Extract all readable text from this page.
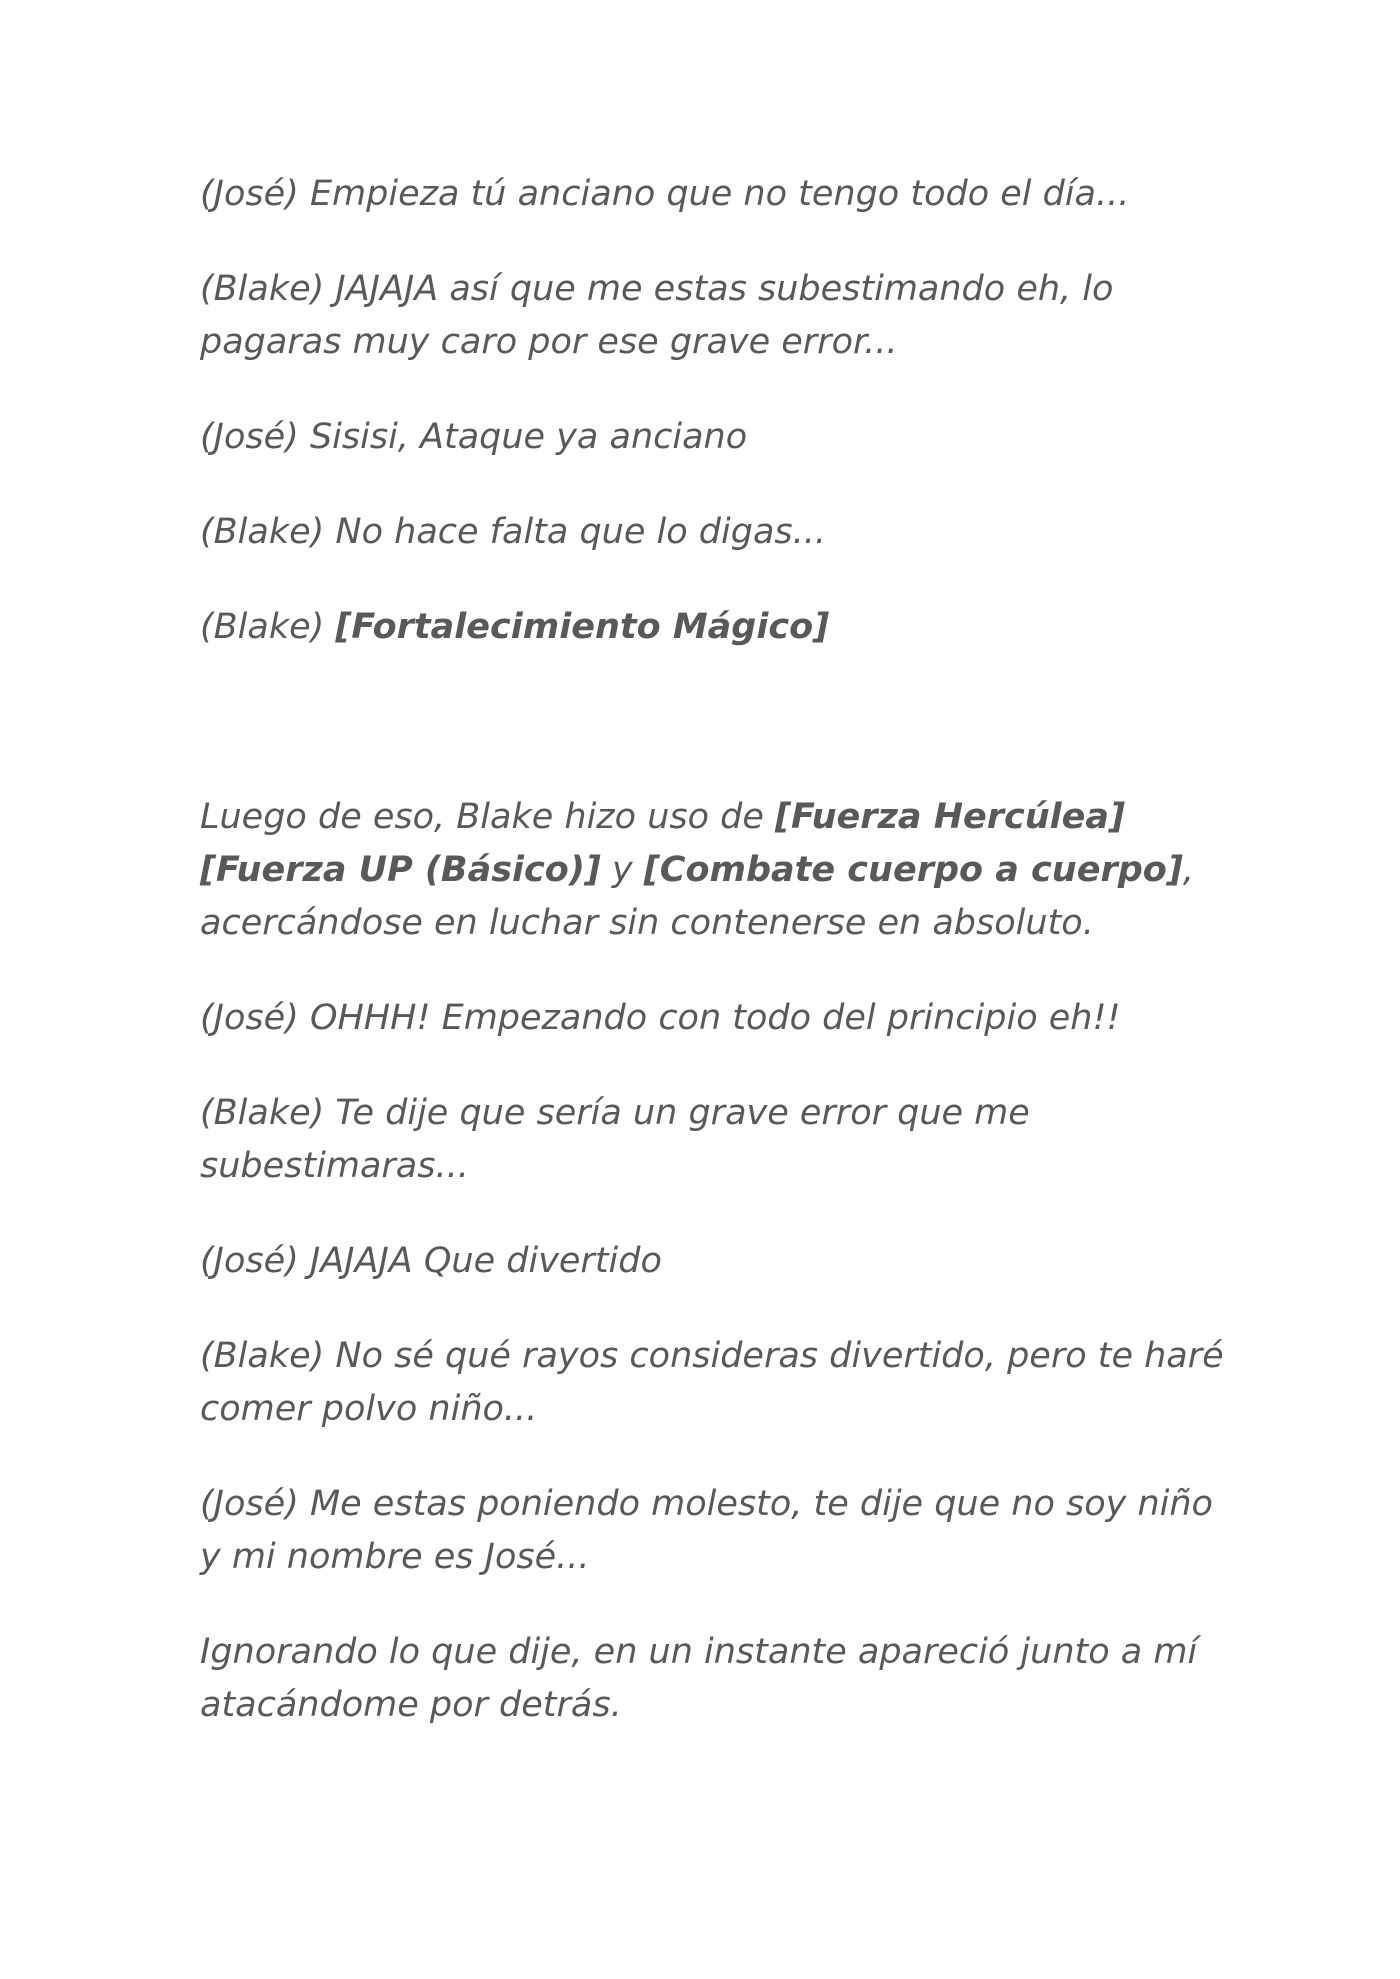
(José) Empieza tú anciano que no tengo todo el día...

(Blake) JAJAJA así que me estas subestimando eh, lo pagaras muy caro por ese grave error...

(José) Sisisi, Ataque ya anciano

(Blake) No hace falta que lo digas...

(Blake) [Fortalecimiento Mágico]

Luego de eso, Blake hizo uso de [Fuerza Hercúlea] [Fuerza UP (Básico)] y [Combate cuerpo a cuerpo], acercándose en luchar sin contenerse en absoluto.

(José) OHHH! Empezando con todo del principio eh!!

(Blake) Te dije que sería un grave error que me subestimaras...

(José) JAJAJA Que divertido

(Blake) No sé qué rayos consideras divertido, pero te haré comer polvo niño...

(José) Me estas poniendo molesto, te dije que no soy niño y mi nombre es José...

Ignorando lo que dije, en un instante apareció junto a mí atacándome por detrás.
